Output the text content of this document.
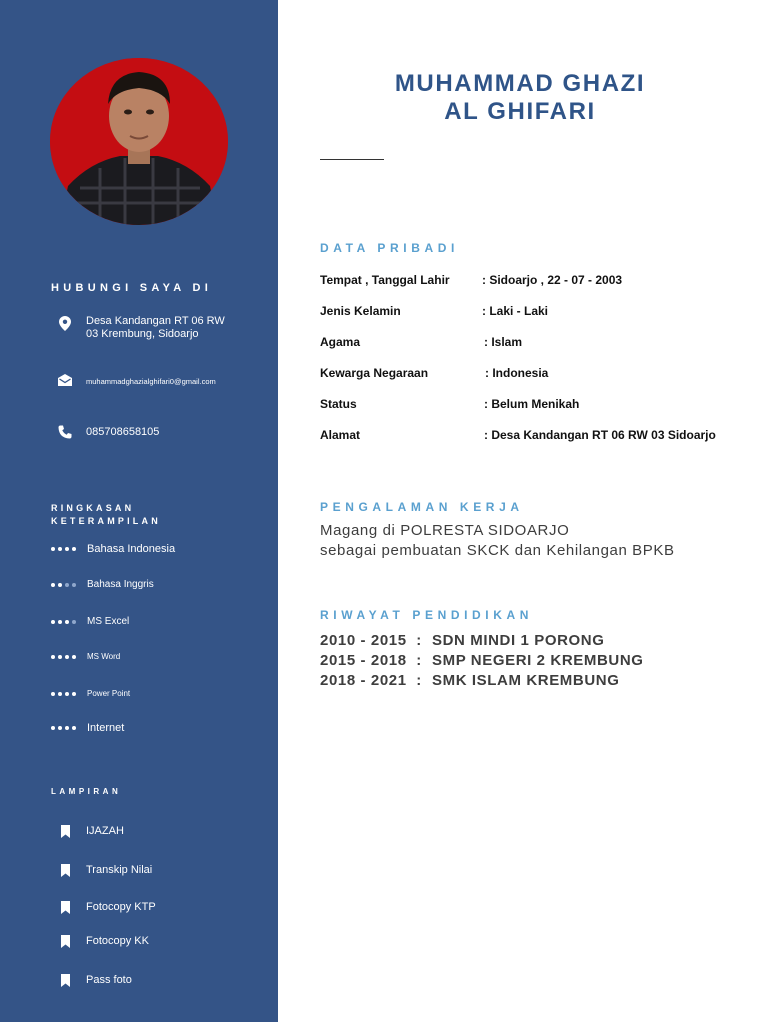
HUBUNGI SAYA DI
Desa Kandangan RT 06 RW
03 Krembung, Sidoarjo
muhammadghazialghifari0@gmail.com
085708658105
RINGKASAN
KETERAMPILAN
Bahasa Indonesia
Bahasa Inggris
MS Excel
MS Word
Power Point
Internet
LAMPIRAN
IJAZAH
Transkip Nilai
Fotocopy KTP
Fotocopy KK
Pass foto
MUHAMMAD GHAZI
AL GHIFARI
DATA PRIBADI
Tempat , Tanggal Lahir	: Sidoarjo , 22 - 07 - 2003
Jenis Kelamin	: Laki - Laki
Agama	: Islam
Kewarga Negaraan	: Indonesia
Status	: Belum Menikah
Alamat	: Desa Kandangan RT 06 RW 03 Sidoarjo
PENGALAMAN KERJA
Magang di POLRESTA SIDOARJO
sebagai pembuatan SKCK dan Kehilangan BPKB
RIWAYAT PENDIDIKAN
2010 - 2015  : SDN MINDI 1 PORONG
2015 - 2018  : SMP NEGERI 2 KREMBUNG
2018 - 2021  : SMK ISLAM KREMBUNG
